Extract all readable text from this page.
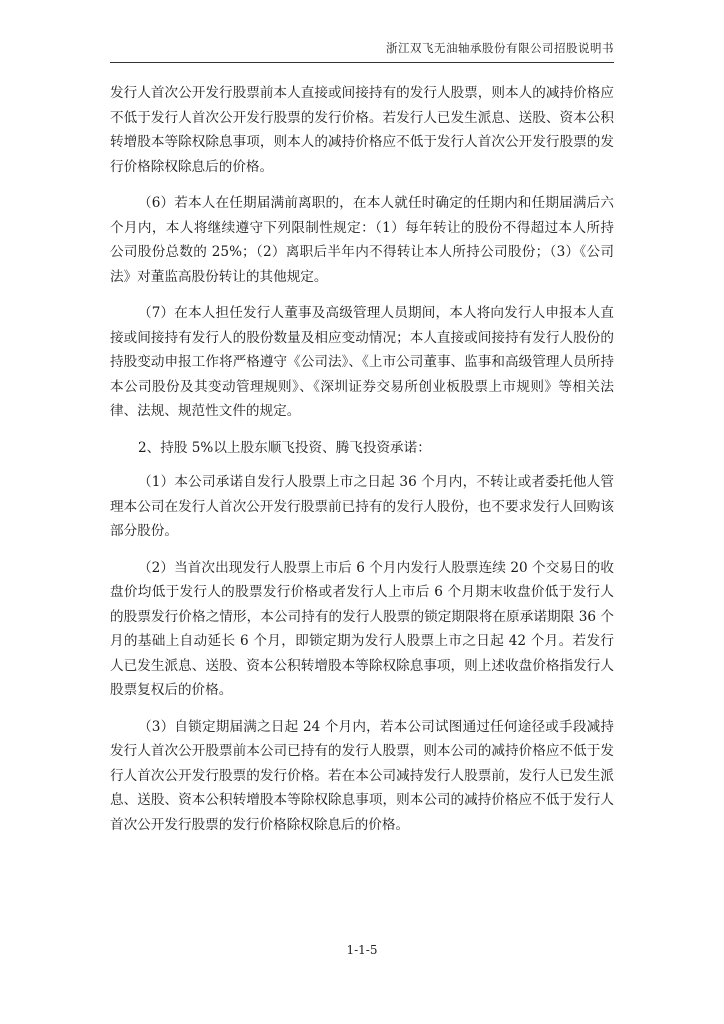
浙江双飞无油轴承股份有限公司招股说明书

发行人首次公开发行股票前本人直接或间接持有的发行人股票，则本人的减持价格应不低于发行人首次公开发行股票的发行价格。若发行人已发生派息、送股、资本公积转增股本等除权除息事项，则本人的减持价格应不低于发行人首次公开发行股票的发行价格除权除息后的价格。

（6）若本人在任期届满前离职的，在本人就任时确定的任期内和任期届满后六个月内，本人将继续遵守下列限制性规定：（1）每年转让的股份不得超过本人所持公司股份总数的 25%；（2）离职后半年内不得转让本人所持公司股份；（3）《公司法》对董监高股份转让的其他规定。

（7）在本人担任发行人董事及高级管理人员期间，本人将向发行人申报本人直接或间接持有发行人的股份数量及相应变动情况；本人直接或间接持有发行人股份的持股变动申报工作将严格遵守《公司法》、《上市公司董事、监事和高级管理人员所持本公司股份及其变动管理规则》、《深圳证券交易所创业板股票上市规则》等相关法律、法规、规范性文件的规定。

2、持股 5%以上股东顺飞投资、腾飞投资承诺：

（1）本公司承诺自发行人股票上市之日起 36 个月内，不转让或者委托他人管理本公司在发行人首次公开发行股票前已持有的发行人股份，也不要求发行人回购该部分股份。

（2）当首次出现发行人股票上市后 6 个月内发行人股票连续 20 个交易日的收盘价均低于发行人的股票发行价格或者发行人上市后 6 个月期末收盘价低于发行人的股票发行价格之情形，本公司持有的发行人股票的锁定期限将在原承诺期限 36 个月的基础上自动延长 6 个月，即锁定期为发行人股票上市之日起 42 个月。若发行人已发生派息、送股、资本公积转增股本等除权除息事项，则上述收盘价格指发行人股票复权后的价格。

（3）自锁定期届满之日起 24 个月内，若本公司试图通过任何途径或手段减持发行人首次公开股票前本公司已持有的发行人股票，则本公司的减持价格应不低于发行人首次公开发行股票的发行价格。若在本公司减持发行人股票前，发行人已发生派息、送股、资本公积转增股本等除权除息事项，则本公司的减持价格应不低于发行人首次公开发行股票的发行价格除权除息后的价格。

1-1-5
